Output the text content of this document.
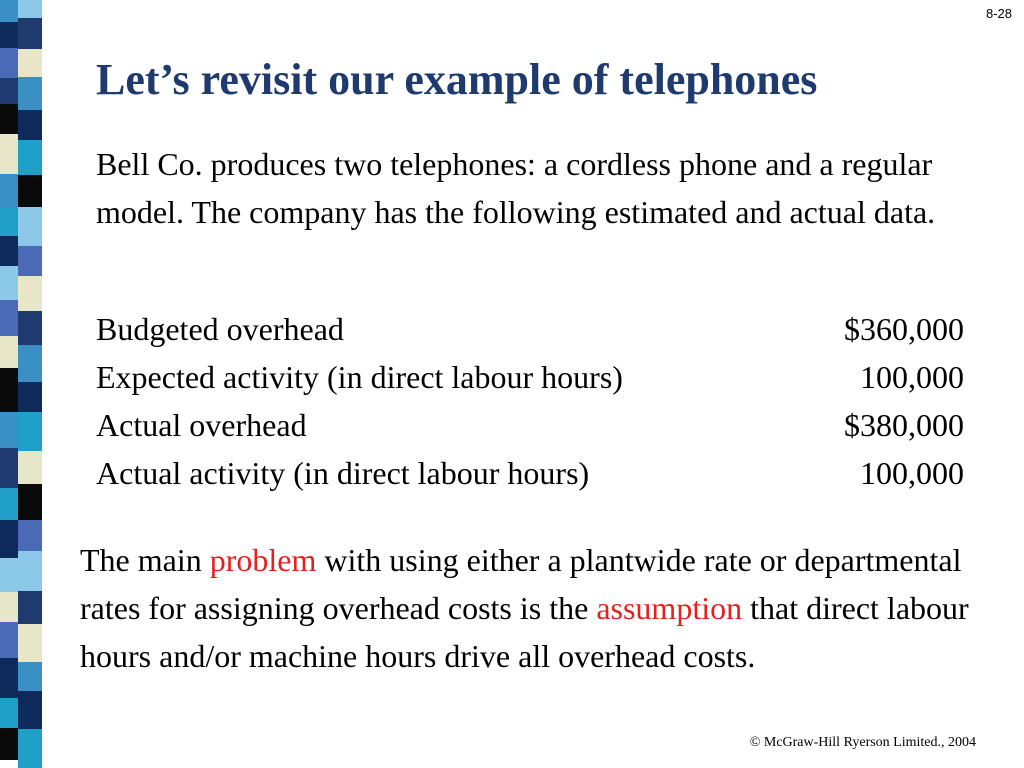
8-28
Let’s revisit our example of telephones
Bell Co. produces two telephones: a cordless phone and a regular model. The company has the following estimated and actual data.
Budgeted overhead	$360,000
Expected activity (in direct labour hours)	100,000
Actual overhead	$380,000
Actual activity (in direct labour hours)	100,000
The main problem with using either a plantwide rate or departmental rates for assigning overhead costs is the assumption that direct labour hours and/or machine hours drive all overhead costs.
© McGraw-Hill Ryerson Limited., 2004
